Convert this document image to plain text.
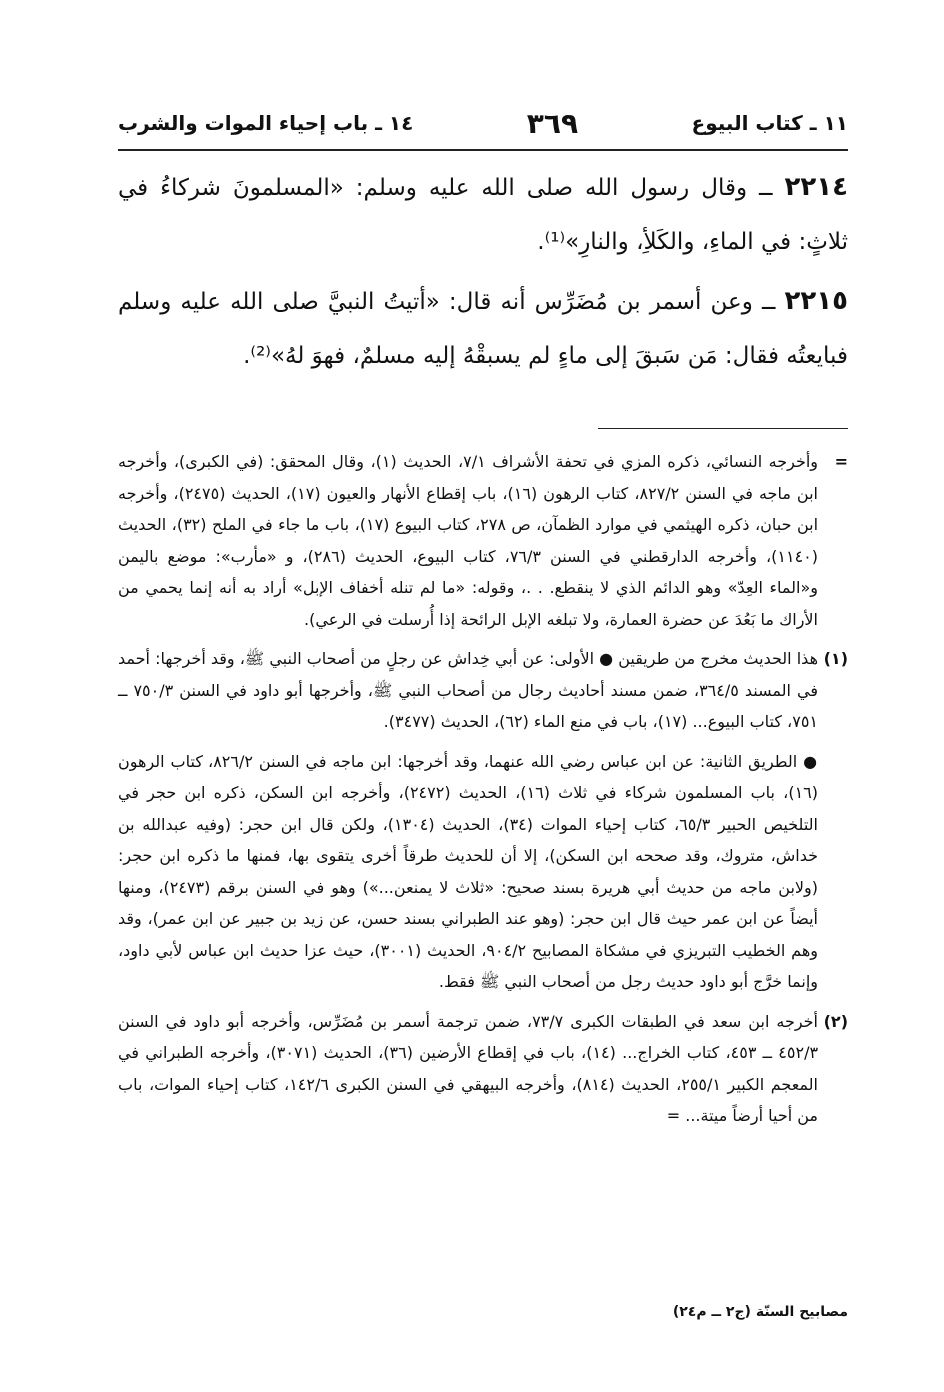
١١ ـ كتاب البيوع
٣٦٩
١٤ ـ باب إحياء الموات والشرب
٢٢١٤ ــ وقال رسول الله صلى الله عليه وسلم: «المسلمونَ شركاءُ في ثلاثٍ: في الماءِ، والكَلأِ، والنارِ»⁽¹⁾.
٢٢١٥ ــ وعن أسمر بن مُضَرِّس أنه قال: «أتيتُ النبيَّ صلى الله عليه وسلم فبايعتُه فقال: مَن سَبقَ إلى ماءٍ لم يسبقْهُ إليه مسلمٌ، فهوَ لهُ»⁽²⁾.
=
وأخرجه النسائي، ذكره المزي في تحفة الأشراف ٧/١، الحديث (١)، وقال المحقق: (في الكبرى)، وأخرجه ابن ماجه في السنن ٨٢٧/٢، كتاب الرهون (١٦)، باب إقطاع الأنهار والعيون (١٧)، الحديث (٢٤٧٥)، وأخرجه ابن حبان، ذكره الهيثمي في موارد الظمآن، ص ٢٧٨، كتاب البيوع (١٧)، باب ما جاء في الملح (٣٢)، الحديث (١١٤٠)، وأخرجه الدارقطني في السنن ٧٦/٣، كتاب البيوع، الحديث (٢٨٦)، و «مأرب»: موضع باليمن و«الماء العِدّ» وهو الدائم الذي لا ينقطع. . .، وقوله: «ما لم تنله أخفاف الإبل» أراد به أنه إنما يحمي من الأراك ما بَعُدَ عن حضرة العمارة، ولا تبلغه الإبل الرائحة إذا أُرسلت في الرعي).
(١)
هذا الحديث مخرج من طريقين ● الأولى: عن أبي خِداش عن رجلٍ من أصحاب النبي ﷺ، وقد أخرجها: أحمد في المسند ٣٦٤/٥، ضمن مسند أحاديث رجال من أصحاب النبي ﷺ، وأخرجها أبو داود في السنن ٧٥٠/٣ ــ ٧٥١، كتاب البيوع... (١٧)، باب في منع الماء (٦٢)، الحديث (٣٤٧٧).
● الطريق الثانية: عن ابن عباس رضي الله عنهما، وقد أخرجها: ابن ماجه في السنن ٨٢٦/٢، كتاب الرهون (١٦)، باب المسلمون شركاء في ثلاث (١٦)، الحديث (٢٤٧٢)، وأخرجه ابن السكن، ذكره ابن حجر في التلخيص الحبير ٦٥/٣، كتاب إحياء الموات (٣٤)، الحديث (١٣٠٤)، ولكن قال ابن حجر: (وفيه عبدالله بن خداش، متروك، وقد صححه ابن السكن)، إلا أن للحديث طرقاً أخرى يتقوى بها، فمنها ما ذكره ابن حجر: (ولابن ماجه من حديث أبي هريرة بسند صحيح: «ثلاث لا يمنعن...») وهو في السنن برقم (٢٤٧٣)، ومنها أيضاً عن ابن عمر حيث قال ابن حجر: (وهو عند الطبراني بسند حسن، عن زيد بن جبير عن ابن عمر)، وقد وهم الخطيب التبريزي في مشكاة المصابيح ٩٠٤/٢، الحديث (٣٠٠١)، حيث عزا حديث ابن عباس لأبي داود، وإنما خرَّج أبو داود حديث رجل من أصحاب النبي ﷺ فقط.
(٢)
أخرجه ابن سعد في الطبقات الكبرى ٧٣/٧، ضمن ترجمة أسمر بن مُضَرِّس، وأخرجه أبو داود في السنن ٤٥٢/٣ ــ ٤٥٣، كتاب الخراج... (١٤)، باب في إقطاع الأرضين (٣٦)، الحديث (٣٠٧١)، وأخرجه الطبراني في المعجم الكبير ٢٥٥/١، الحديث (٨١٤)، وأخرجه البيهقي في السنن الكبرى ١٤٢/٦، كتاب إحياء الموات، باب من أحيا أرضاً ميتة... =
مصابيح السنّة (ج٢ ــ م٢٤)
